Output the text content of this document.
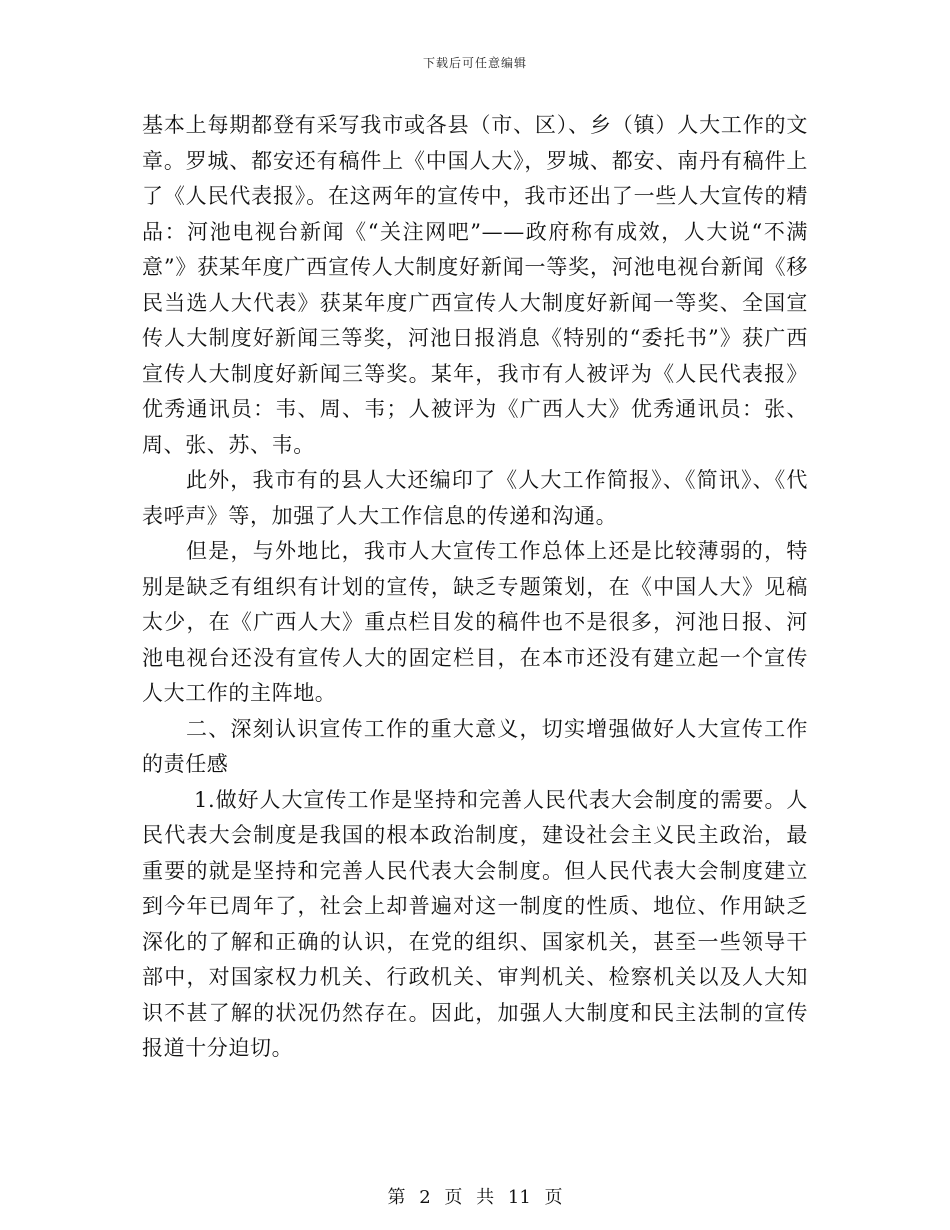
下载后可任意编辑

基本上每期都登有采写我市或各县（市、区）、乡（镇）人大工作的文章。罗城、都安还有稿件上《中国人大》，罗城、都安、南丹有稿件上了《人民代表报》。在这两年的宣传中，我市还出了一些人大宣传的精品：河池电视台新闻《“关注网吧”——政府称有成效，人大说“不满意”》获某年度广西宣传人大制度好新闻一等奖，河池电视台新闻《移民当选人大代表》获某年度广西宣传人大制度好新闻一等奖、全国宣传人大制度好新闻三等奖，河池日报消息《特别的“委托书”》获广西宣传人大制度好新闻三等奖。某年，我市有人被评为《人民代表报》优秀通讯员：韦、周、韦；人被评为《广西人大》优秀通讯员：张、周、张、苏、韦。

此外，我市有的县人大还编印了《人大工作简报》、《简讯》、《代表呼声》等，加强了人大工作信息的传递和沟通。

但是，与外地比，我市人大宣传工作总体上还是比较薄弱的，特别是缺乏有组织有计划的宣传，缺乏专题策划，在《中国人大》见稿太少，在《广西人大》重点栏目发的稿件也不是很多，河池日报、河池电视台还没有宣传人大的固定栏目，在本市还没有建立起一个宣传人大工作的主阵地。

二、深刻认识宣传工作的重大意义，切实增强做好人大宣传工作的责任感

1.做好人大宣传工作是坚持和完善人民代表大会制度的需要。人民代表大会制度是我国的根本政治制度，建设社会主义民主政治，最重要的就是坚持和完善人民代表大会制度。但人民代表大会制度建立到今年已周年了，社会上却普遍对这一制度的性质、地位、作用缺乏深化的了解和正确的认识，在党的组织、国家机关，甚至一些领导干部中，对国家权力机关、行政机关、审判机关、检察机关以及人大知识不甚了解的状况仍然存在。因此，加强人大制度和民主法制的宣传报道十分迫切。

第 2 页 共 11 页
